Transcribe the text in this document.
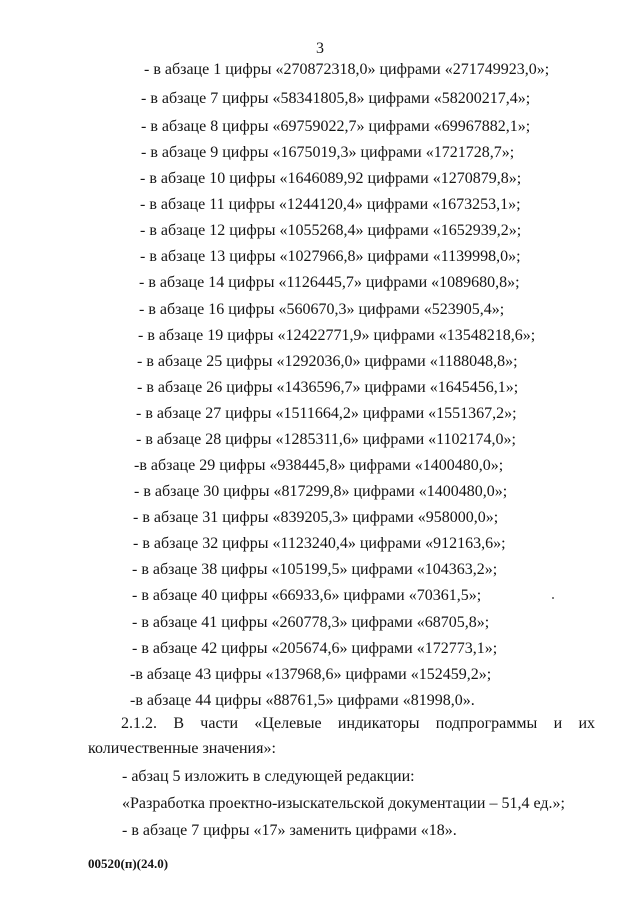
3
- в абзаце 1 цифры «270872318,0» цифрами «271749923,0»;
- в абзаце 7 цифры «58341805,8» цифрами «58200217,4»;
- в абзаце 8 цифры «69759022,7» цифрами «69967882,1»;
- в абзаце 9 цифры «1675019,3» цифрами «1721728,7»;
- в абзаце 10 цифры «1646089,92 цифрами «1270879,8»;
- в абзаце 11 цифры «1244120,4» цифрами «1673253,1»;
- в абзаце 12 цифры «1055268,4» цифрами «1652939,2»;
- в абзаце 13 цифры «1027966,8» цифрами «1139998,0»;
- в абзаце 14 цифры «1126445,7» цифрами «1089680,8»;
- в абзаце 16 цифры «560670,3» цифрами «523905,4»;
- в абзаце 19 цифры «12422771,9» цифрами «13548218,6»;
- в абзаце 25 цифры «1292036,0» цифрами «1188048,8»;
- в абзаце 26 цифры «1436596,7» цифрами «1645456,1»;
- в абзаце 27 цифры «1511664,2» цифрами «1551367,2»;
- в абзаце 28 цифры «1285311,6» цифрами «1102174,0»;
-в абзаце 29 цифры «938445,8» цифрами «1400480,0»;
- в абзаце 30 цифры «817299,8» цифрами «1400480,0»;
- в абзаце 31 цифры «839205,3» цифрами «958000,0»;
- в абзаце 32 цифры «1123240,4» цифрами «912163,6»;
- в абзаце 38 цифры «105199,5» цифрами «104363,2»;
- в абзаце 40 цифры «66933,6» цифрами «70361,5»;
- в абзаце 41 цифры «260778,3» цифрами «68705,8»;
- в абзаце 42 цифры «205674,6» цифрами «172773,1»;
-в абзаце 43 цифры «137968,6» цифрами «152459,2»;
-в абзаце 44 цифры «88761,5» цифрами «81998,0».
2.1.2. В части «Целевые индикаторы подпрограммы и их
количественные значения»:
- абзац 5 изложить в следующей редакции:
«Разработка проектно-изыскательской документации – 51,4 ед.»;
- в абзаце 7 цифры «17» заменить цифрами «18».
00520(п)(24.0)
